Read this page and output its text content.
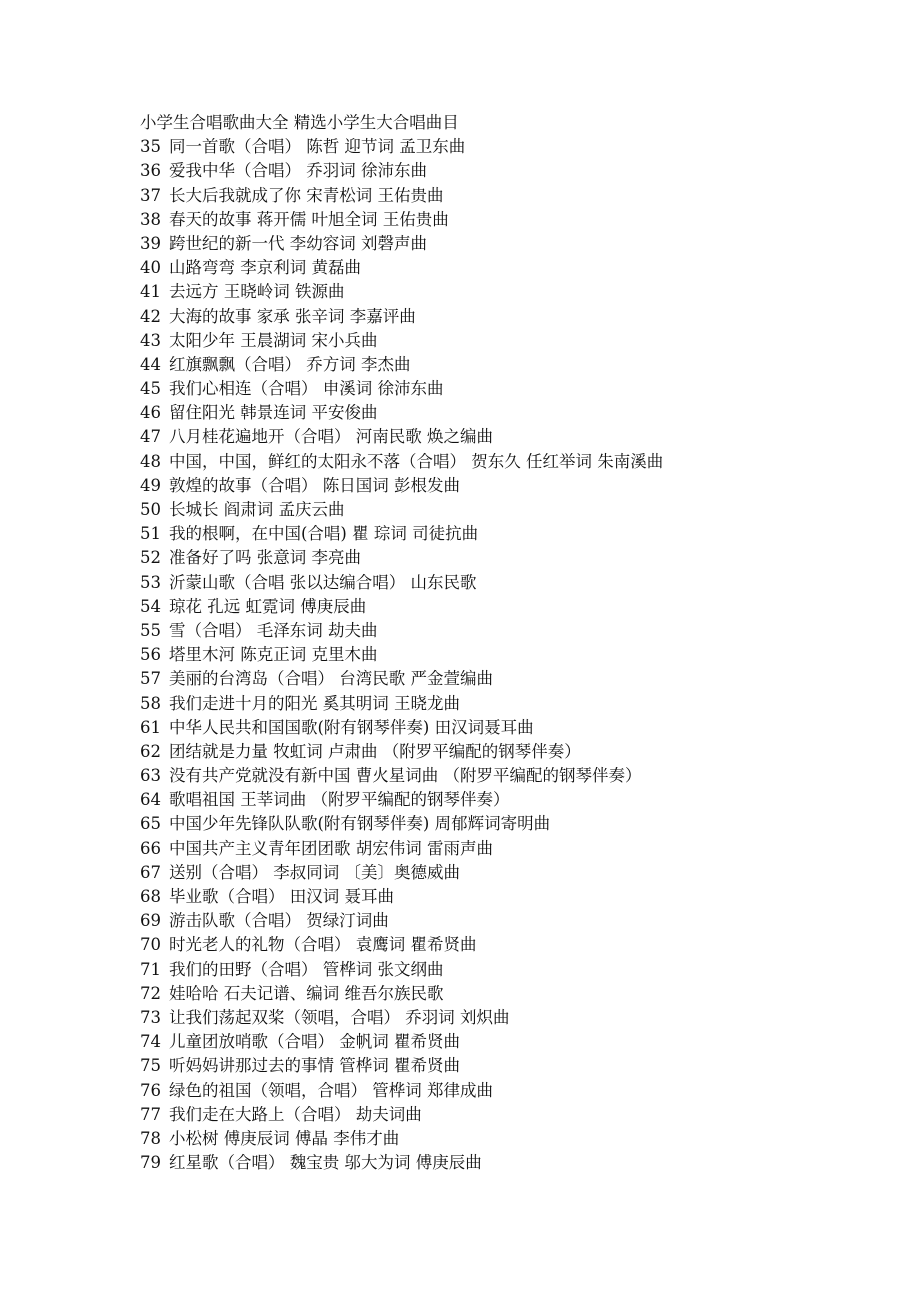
小学生合唱歌曲大全 精选小学生大合唱曲目
35 同一首歌（合唱） 陈哲 迎节词 孟卫东曲
36 爱我中华（合唱） 乔羽词 徐沛东曲
37 长大后我就成了你 宋青松词 王佑贵曲
38 春天的故事 蒋开儒 叶旭全词 王佑贵曲
39 跨世纪的新一代 李幼容词 刘磬声曲
40 山路弯弯 李京利词 黄磊曲
41 去远方 王晓岭词 铁源曲
42 大海的故事 家承 张辛词 李嘉评曲
43 太阳少年 王晨湖词 宋小兵曲
44 红旗飘飘（合唱） 乔方词 李杰曲
45 我们心相连（合唱） 申溪词 徐沛东曲
46 留住阳光 韩景连词 平安俊曲
47 八月桂花遍地开（合唱） 河南民歌 焕之编曲
48 中国，中国，鲜红的太阳永不落（合唱） 贺东久 任红举词 朱南溪曲
49 敦煌的故事（合唱） 陈日国词 彭根发曲
50 长城长 阎肃词 孟庆云曲
51 我的根啊，在中国(合唱) 瞿 琮词 司徒抗曲
52 准备好了吗 张意词 李亮曲
53 沂蒙山歌（合唱 张以达编合唱） 山东民歌
54 琼花 孔远 虹霓词 傅庚辰曲
55 雪（合唱） 毛泽东词 劫夫曲
56 塔里木河 陈克正词 克里木曲
57 美丽的台湾岛（合唱） 台湾民歌 严金萱编曲
58 我们走进十月的阳光 奚其明词 王晓龙曲
61 中华人民共和国国歌(附有钢琴伴奏) 田汉词聂耳曲
62 团结就是力量 牧虹词 卢肃曲 （附罗平编配的钢琴伴奏）
63 没有共产党就没有新中国 曹火星词曲 （附罗平编配的钢琴伴奏）
64 歌唱祖国 王莘词曲 （附罗平编配的钢琴伴奏）
65 中国少年先锋队队歌(附有钢琴伴奏) 周郁辉词寄明曲
66 中国共产主义青年团团歌 胡宏伟词 雷雨声曲
67 送别（合唱） 李叔同词 〔美〕奥德威曲
68 毕业歌（合唱） 田汉词 聂耳曲
69 游击队歌（合唱） 贺绿汀词曲
70 时光老人的礼物（合唱） 袁鹰词 瞿希贤曲
71 我们的田野（合唱） 管桦词 张文纲曲
72 娃哈哈 石夫记谱、编词 维吾尔族民歌
73 让我们荡起双桨（领唱，合唱） 乔羽词 刘炽曲
74 儿童团放哨歌（合唱） 金帆词 瞿希贤曲
75 听妈妈讲那过去的事情 管桦词 瞿希贤曲
76 绿色的祖国（领唱，合唱） 管桦词 郑律成曲
77 我们走在大路上（合唱） 劫夫词曲
78 小松树 傅庚辰词 傅晶 李伟才曲
79 红星歌（合唱） 魏宝贵 邬大为词 傅庚辰曲
